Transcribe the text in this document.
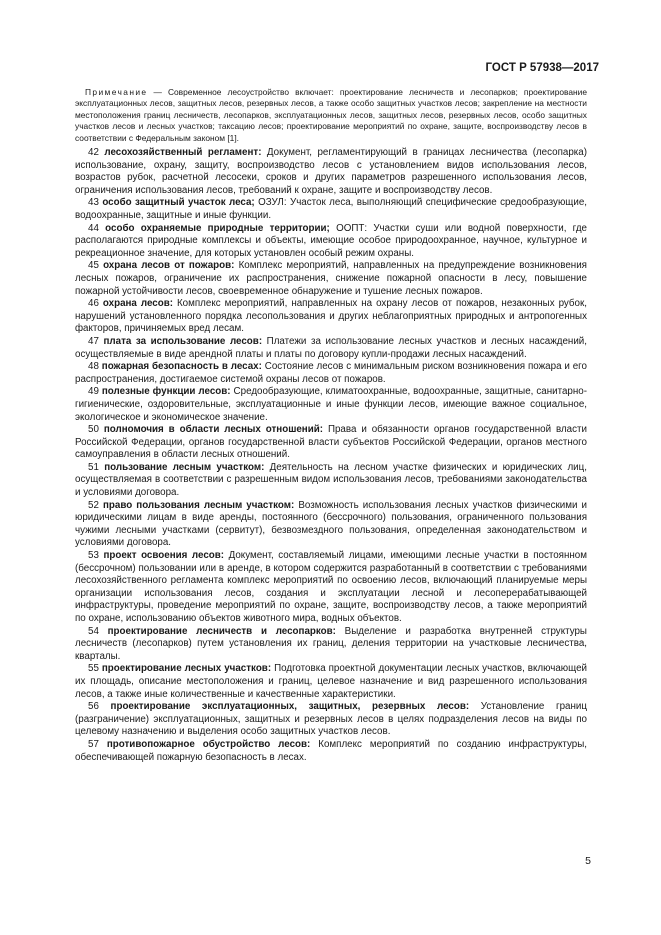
ГОСТ Р 57938—2017

Примечание — Современное лесоустройство включает: проектирование лесничеств и лесопарков; проектирование эксплуатационных лесов, защитных лесов, резервных лесов, а также особо защитных участков лесов; закрепление на местности местоположения границ лесничеств, лесопарков, эксплуатационных лесов, защитных лесов, резервных лесов, особо защитных участков лесов и лесных участков; таксацию лесов; проектирование мероприятий по охране, защите, воспроизводству лесов в соответствии с Федеральным законом [1].

42 лесохозяйственный регламент: Документ, регламентирующий в границах лесничества (лесопарка) использование, охрану, защиту, воспроизводство лесов с установлением видов использования лесов, возрастов рубок, расчетной лесосеки, сроков и других параметров разрешенного использования лесов, ограничения использования лесов, требований к охране, защите и воспроизводству лесов.

43 особо защитный участок леса; ОЗУЛ: Участок леса, выполняющий специфические средообразующие, водоохранные, защитные и иные функции.

44 особо охраняемые природные территории; ООПТ: Участки суши или водной поверхности, где располагаются природные комплексы и объекты, имеющие особое природоохранное, научное, культурное и рекреационное значение, для которых установлен особый режим охраны.

45 охрана лесов от пожаров: Комплекс мероприятий, направленных на предупреждение возникновения лесных пожаров, ограничение их распространения, снижение пожарной опасности в лесу, повышение пожарной устойчивости лесов, своевременное обнаружение и тушение лесных пожаров.

46 охрана лесов: Комплекс мероприятий, направленных на охрану лесов от пожаров, незаконных рубок, нарушений установленного порядка лесопользования и других неблагоприятных природных и антропогенных факторов, причиняемых вред лесам.

47 плата за использование лесов: Платежи за использование лесных участков и лесных насаждений, осуществляемые в виде арендной платы и платы по договору купли-продажи лесных насаждений.

48 пожарная безопасность в лесах: Состояние лесов с минимальным риском возникновения пожара и его распространения, достигаемое системой охраны лесов от пожаров.

49 полезные функции лесов: Средообразующие, климатоохранные, водоохранные, защитные, санитарно-гигиенические, оздоровительные, эксплуатационные и иные функции лесов, имеющие важное социальное, экологическое и экономическое значение.

50 полномочия в области лесных отношений: Права и обязанности органов государственной власти Российской Федерации, органов государственной власти субъектов Российской Федерации, органов местного самоуправления в области лесных отношений.

51 пользование лесным участком: Деятельность на лесном участке физических и юридических лиц, осуществляемая в соответствии с разрешенным видом использования лесов, требованиями законодательства и условиями договора.

52 право пользования лесным участком: Возможность использования лесных участков физическими и юридическими лицам в виде аренды, постоянного (бессрочного) пользования, ограниченного пользования чужими лесными участками (сервитут), безвозмездного пользования, определенная законодательством и условиями договора.

53 проект освоения лесов: Документ, составляемый лицами, имеющими лесные участки в постоянном (бессрочном) пользовании или в аренде, в котором содержится разработанный в соответствии с требованиями лесохозяйственного регламента комплекс мероприятий по освоению лесов, включающий планируемые меры организации использования лесов, создания и эксплуатации лесной и лесоперерабатывающей инфраструктуры, проведение мероприятий по охране, защите, воспроизводству лесов, а также мероприятий по охране, использованию объектов животного мира, водных объектов.

54 проектирование лесничеств и лесопарков: Выделение и разработка внутренней структуры лесничеств (лесопарков) путем установления их границ, деления территории на участковые лесничества, кварталы.

55 проектирование лесных участков: Подготовка проектной документации лесных участков, включающей их площадь, описание местоположения и границ, целевое назначение и вид разрешенного использования лесов, а также иные количественные и качественные характеристики.

56 проектирование эксплуатационных, защитных, резервных лесов: Установление границ (разграничение) эксплуатационных, защитных и резервных лесов в целях подразделения лесов на виды по целевому назначению и выделения особо защитных участков лесов.

57 противопожарное обустройство лесов: Комплекс мероприятий по созданию инфраструктуры, обеспечивающей пожарную безопасность в лесах.

5
